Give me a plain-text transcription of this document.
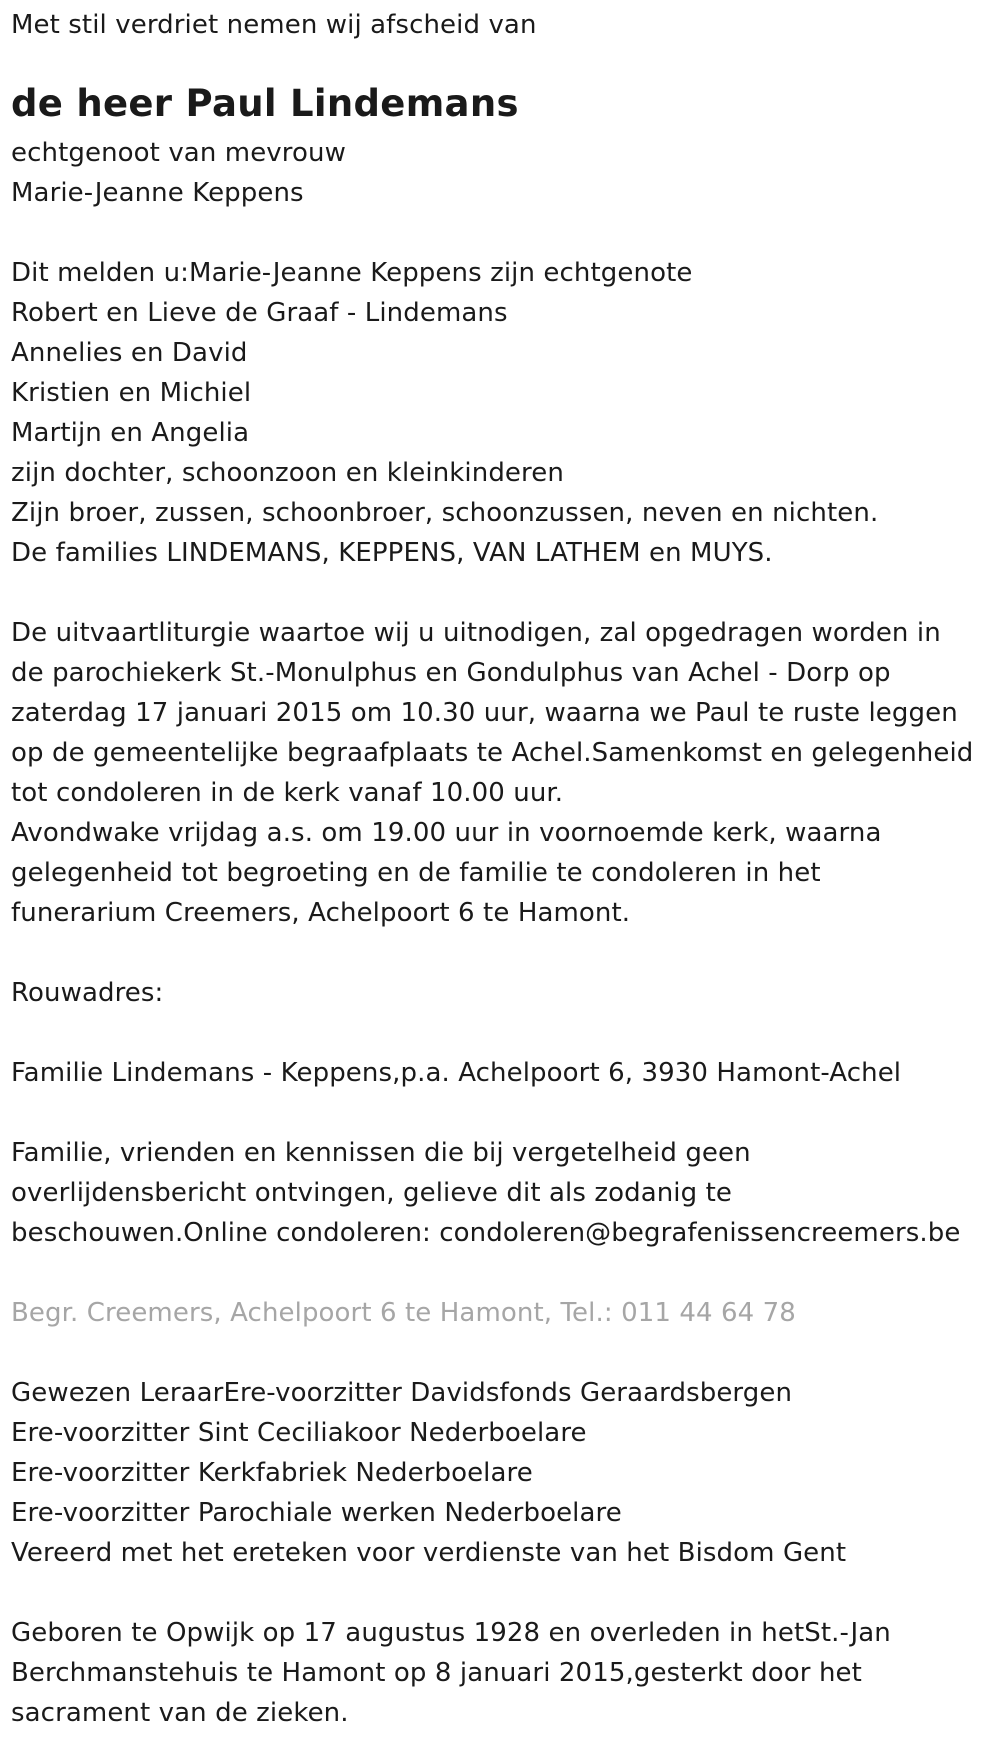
Met stil verdriet nemen wij afscheid van
de heer Paul Lindemans
echtgenoot van mevrouw
Marie-Jeanne Keppens
Dit melden u:Marie-Jeanne Keppens zijn echtgenote
Robert en Lieve de Graaf - Lindemans
Annelies en David
Kristien en Michiel
Martijn en Angelia
zijn dochter, schoonzoon en kleinkinderen
Zijn broer, zussen, schoonbroer, schoonzussen, neven en nichten.
De families LINDEMANS, KEPPENS, VAN LATHEM en MUYS.
De uitvaartliturgie waartoe wij u uitnodigen, zal opgedragen worden in
de parochiekerk St.-Monulphus en Gondulphus van Achel - Dorp op
zaterdag 17 januari 2015 om 10.30 uur, waarna we Paul te ruste leggen
op de gemeentelijke begraafplaats te Achel.Samenkomst en gelegenheid
tot condoleren in de kerk vanaf 10.00 uur.
Avondwake vrijdag a.s. om 19.00 uur in voornoemde kerk, waarna
gelegenheid tot begroeting en de familie te condoleren in het
funerarium Creemers, Achelpoort 6 te Hamont.
Rouwadres:
Familie Lindemans - Keppens,p.a. Achelpoort 6, 3930 Hamont-Achel
Familie, vrienden en kennissen die bij vergetelheid geen
overlijdensbericht ontvingen, gelieve dit als zodanig te
beschouwen.Online condoleren: condoleren@begrafenissencreemers.be
Begr. Creemers, Achelpoort 6 te Hamont, Tel.: 011 44 64 78
Gewezen LeraarEre-voorzitter Davidsfonds Geraardsbergen
Ere-voorzitter Sint Ceciliakoor Nederboelare
Ere-voorzitter Kerkfabriek Nederboelare
Ere-voorzitter Parochiale werken Nederboelare
Vereerd met het ereteken voor verdienste van het Bisdom Gent
Geboren te Opwijk op 17 augustus 1928 en overleden in hetSt.-Jan
Berchmanstehuis te Hamont op 8 januari 2015,gesterkt door het
sacrament van de zieken.
